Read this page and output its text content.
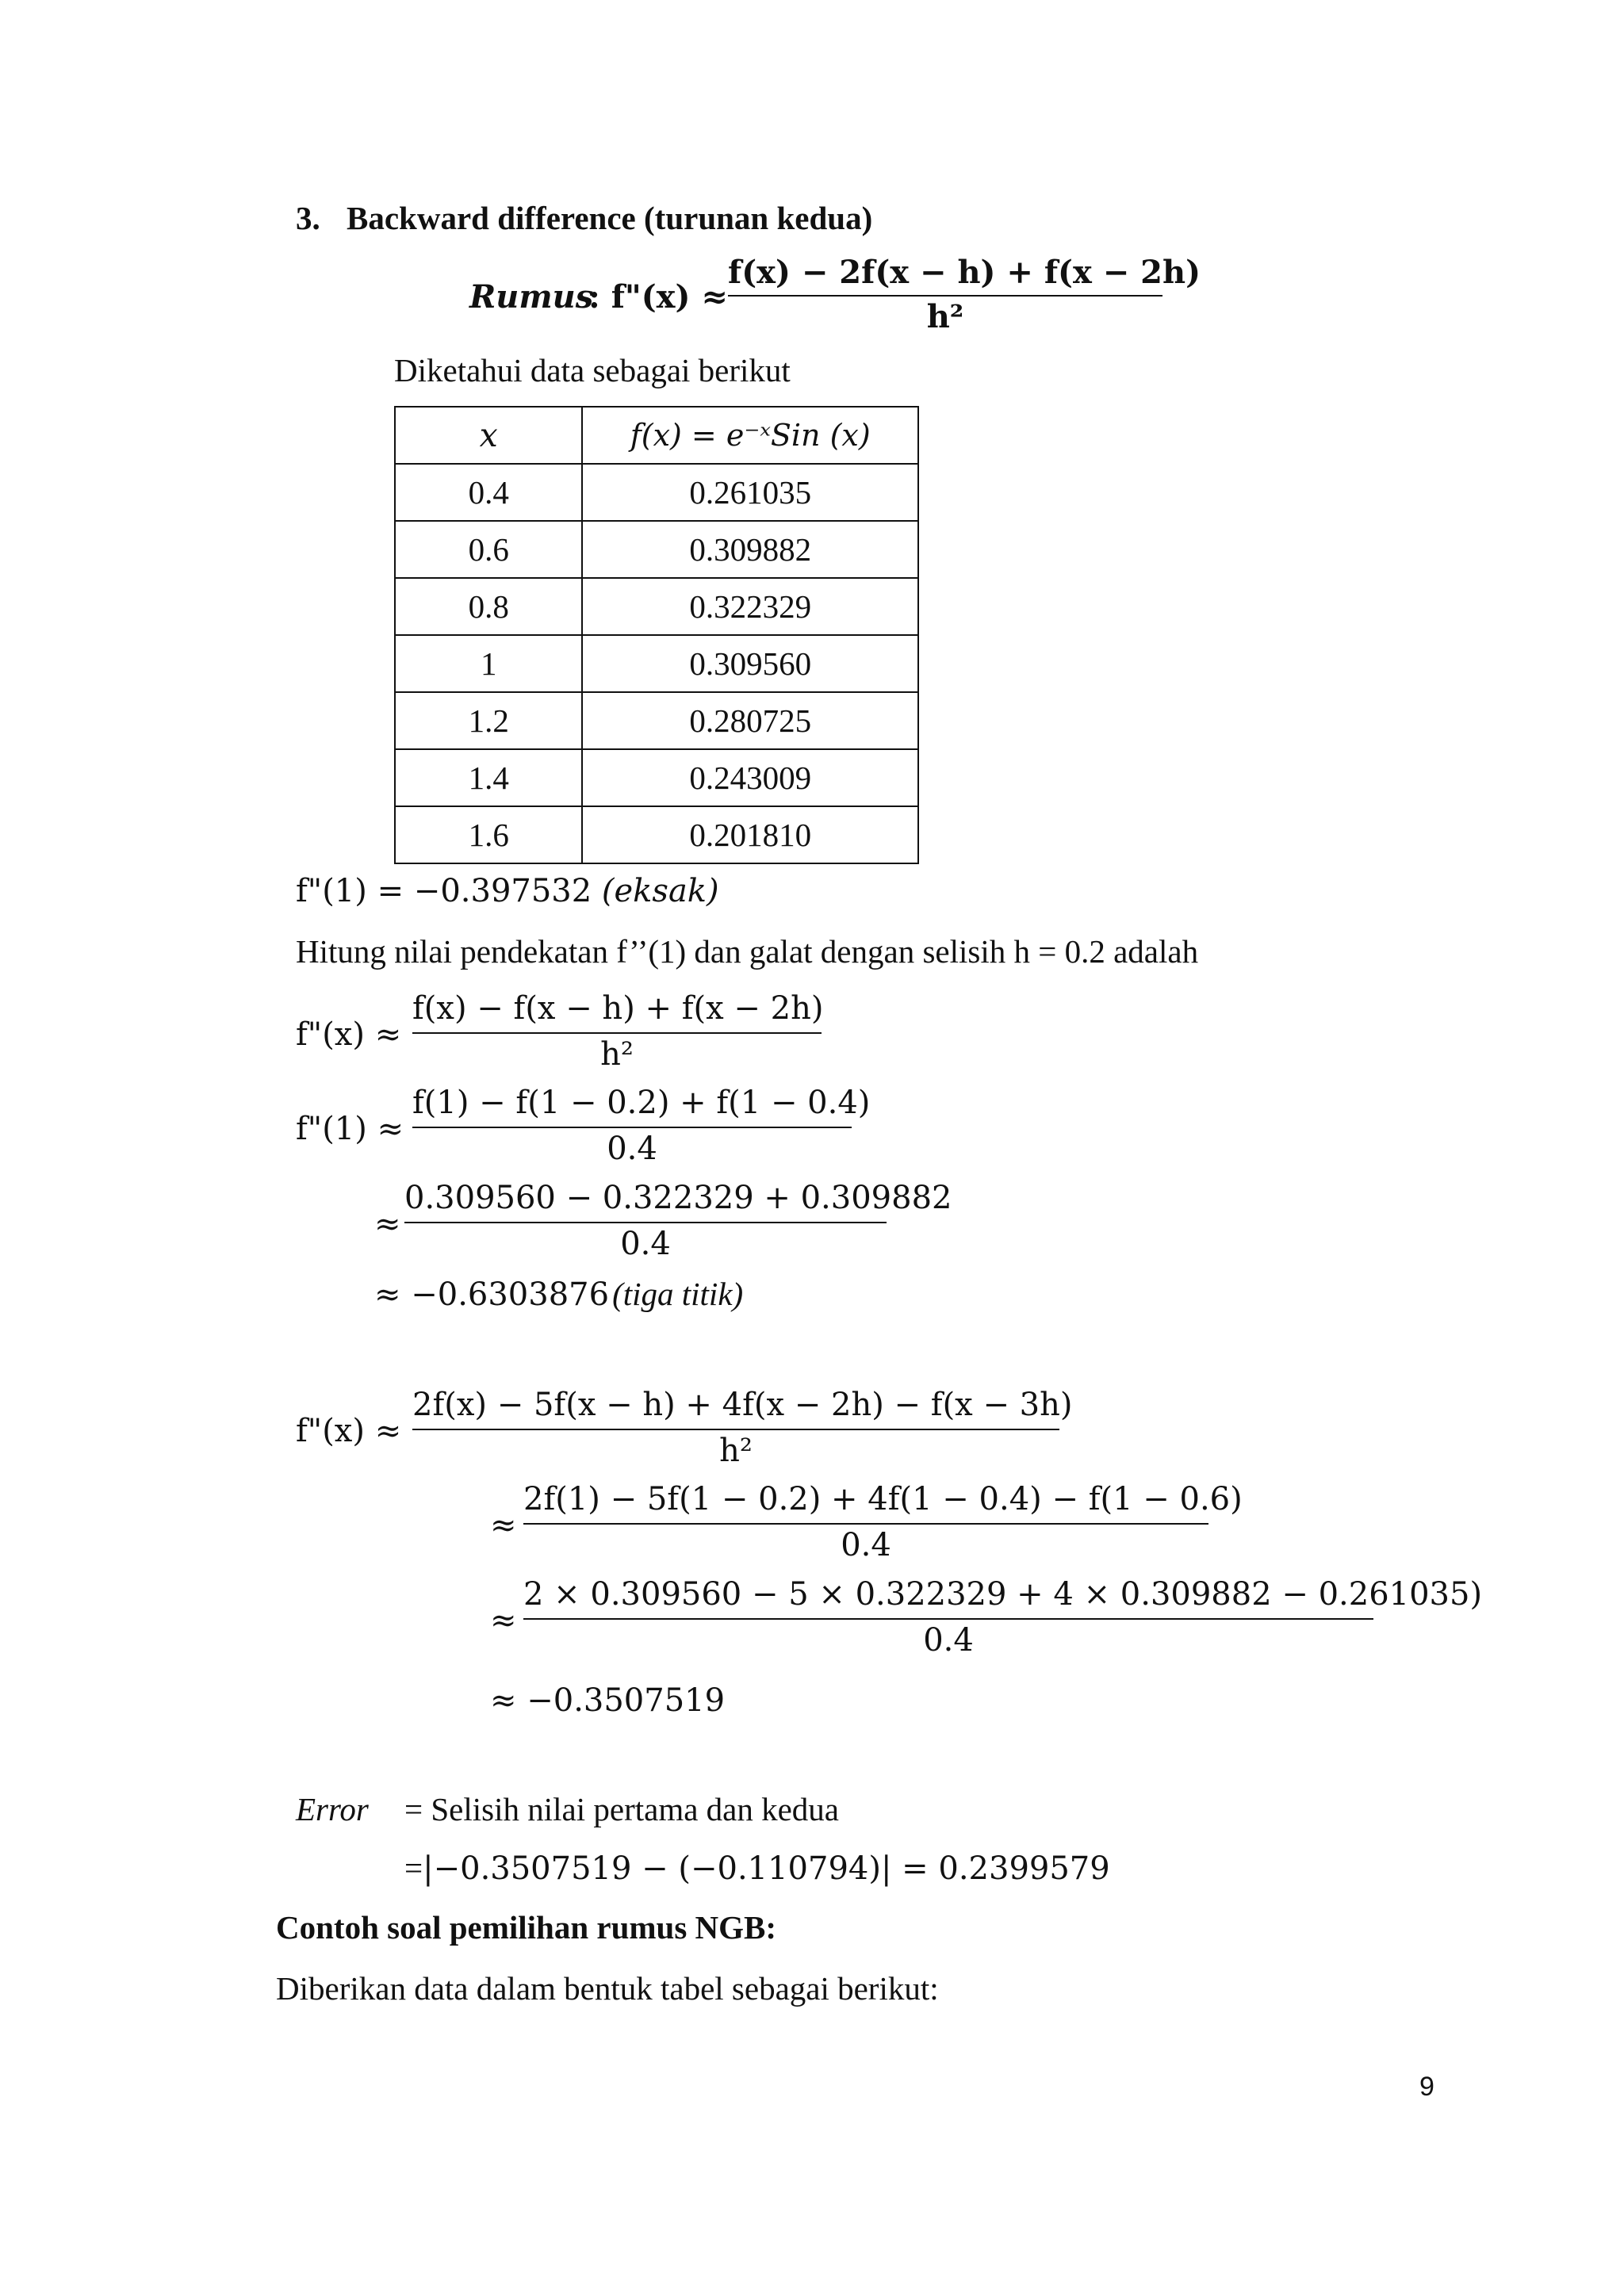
3. Backward difference (turunan kedua)
Rumus
: f"(x) ≈
f(x) − 2f(x − h) + f(x − 2h)
h²
Diketahui data sebagai berikut
x	f(x) = e⁻ˣSin (x)
0.4	0.261035
0.6	0.309882
0.8	0.322329
1	0.309560
1.2	0.280725
1.4	0.243009
1.6	0.201810
f"(1) = −0.397532 (eksak)
Hitung nilai pendekatan f’’(1) dan galat dengan selisih h = 0.2 adalah
f"(x) ≈
f(x) − f(x − h) + f(x − 2h)
h²
f"(1) ≈
f(1) − f(1 − 0.2) + f(1 − 0.4)
0.4
≈
0.309560 − 0.322329 + 0.309882
0.4
≈ −0.6303876 (tiga titik)
f"(x) ≈
2f(x) − 5f(x − h) + 4f(x − 2h) − f(x − 3h)
h²
≈
2f(1) − 5f(1 − 0.2) + 4f(1 − 0.4) − f(1 − 0.6)
0.4
≈
2 × 0.309560 − 5 × 0.322329 + 4 × 0.309882 − 0.261035)
0.4
≈ −0.3507519
Error = Selisih nilai pertama dan kedua
=|−0.3507519 − (−0.110794)| = 0.2399579
Contoh soal pemilihan rumus NGB:
Diberikan data dalam bentuk tabel sebagai berikut:
9
